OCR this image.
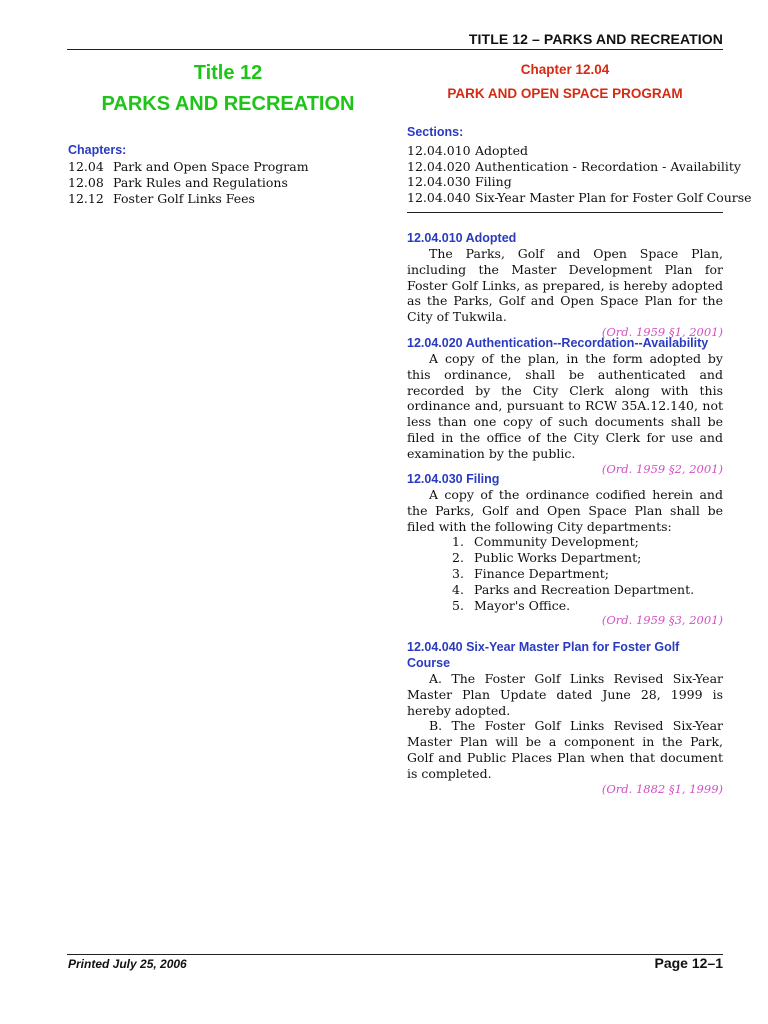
TITLE 12 – PARKS AND RECREATION
Title 12
PARKS AND RECREATION
Chapters:
12.04 Park and Open Space Program
12.08 Park Rules and Regulations
12.12 Foster Golf Links Fees
Chapter 12.04
PARK AND OPEN SPACE PROGRAM
Sections:
12.04.010 Adopted
12.04.020 Authentication - Recordation - Availability
12.04.030 Filing
12.04.040 Six-Year Master Plan for Foster Golf Course
12.04.010 Adopted

The Parks, Golf and Open Space Plan, including the Master Development Plan for Foster Golf Links, as prepared, is hereby adopted as the Parks, Golf and Open Space Plan for the City of Tukwila.

(Ord. 1959 §1, 2001)
12.04.020 Authentication--Recordation--Availability

A copy of the plan, in the form adopted by this ordinance, shall be authenticated and recorded by the City Clerk along with this ordinance and, pursuant to RCW 35A.12.140, not less than one copy of such documents shall be filed in the office of the City Clerk for use and examination by the public.

(Ord. 1959 §2, 2001)
12.04.030 Filing

A copy of the ordinance codified herein and the Parks, Golf and Open Space Plan shall be filed with the following City departments:

1. Community Development;
2. Public Works Department;
3. Finance Department;
4. Parks and Recreation Department.
5. Mayor's Office.
(Ord. 1959 §3, 2001)
12.04.040 Six-Year Master Plan for Foster Golf Course

A. The Foster Golf Links Revised Six-Year Master Plan Update dated June 28, 1999 is hereby adopted.

B. The Foster Golf Links Revised Six-Year Master Plan will be a component in the Park, Golf and Public Places Plan when that document is completed.

(Ord. 1882 §1, 1999)
Printed July 25, 2006	Page 12–1
